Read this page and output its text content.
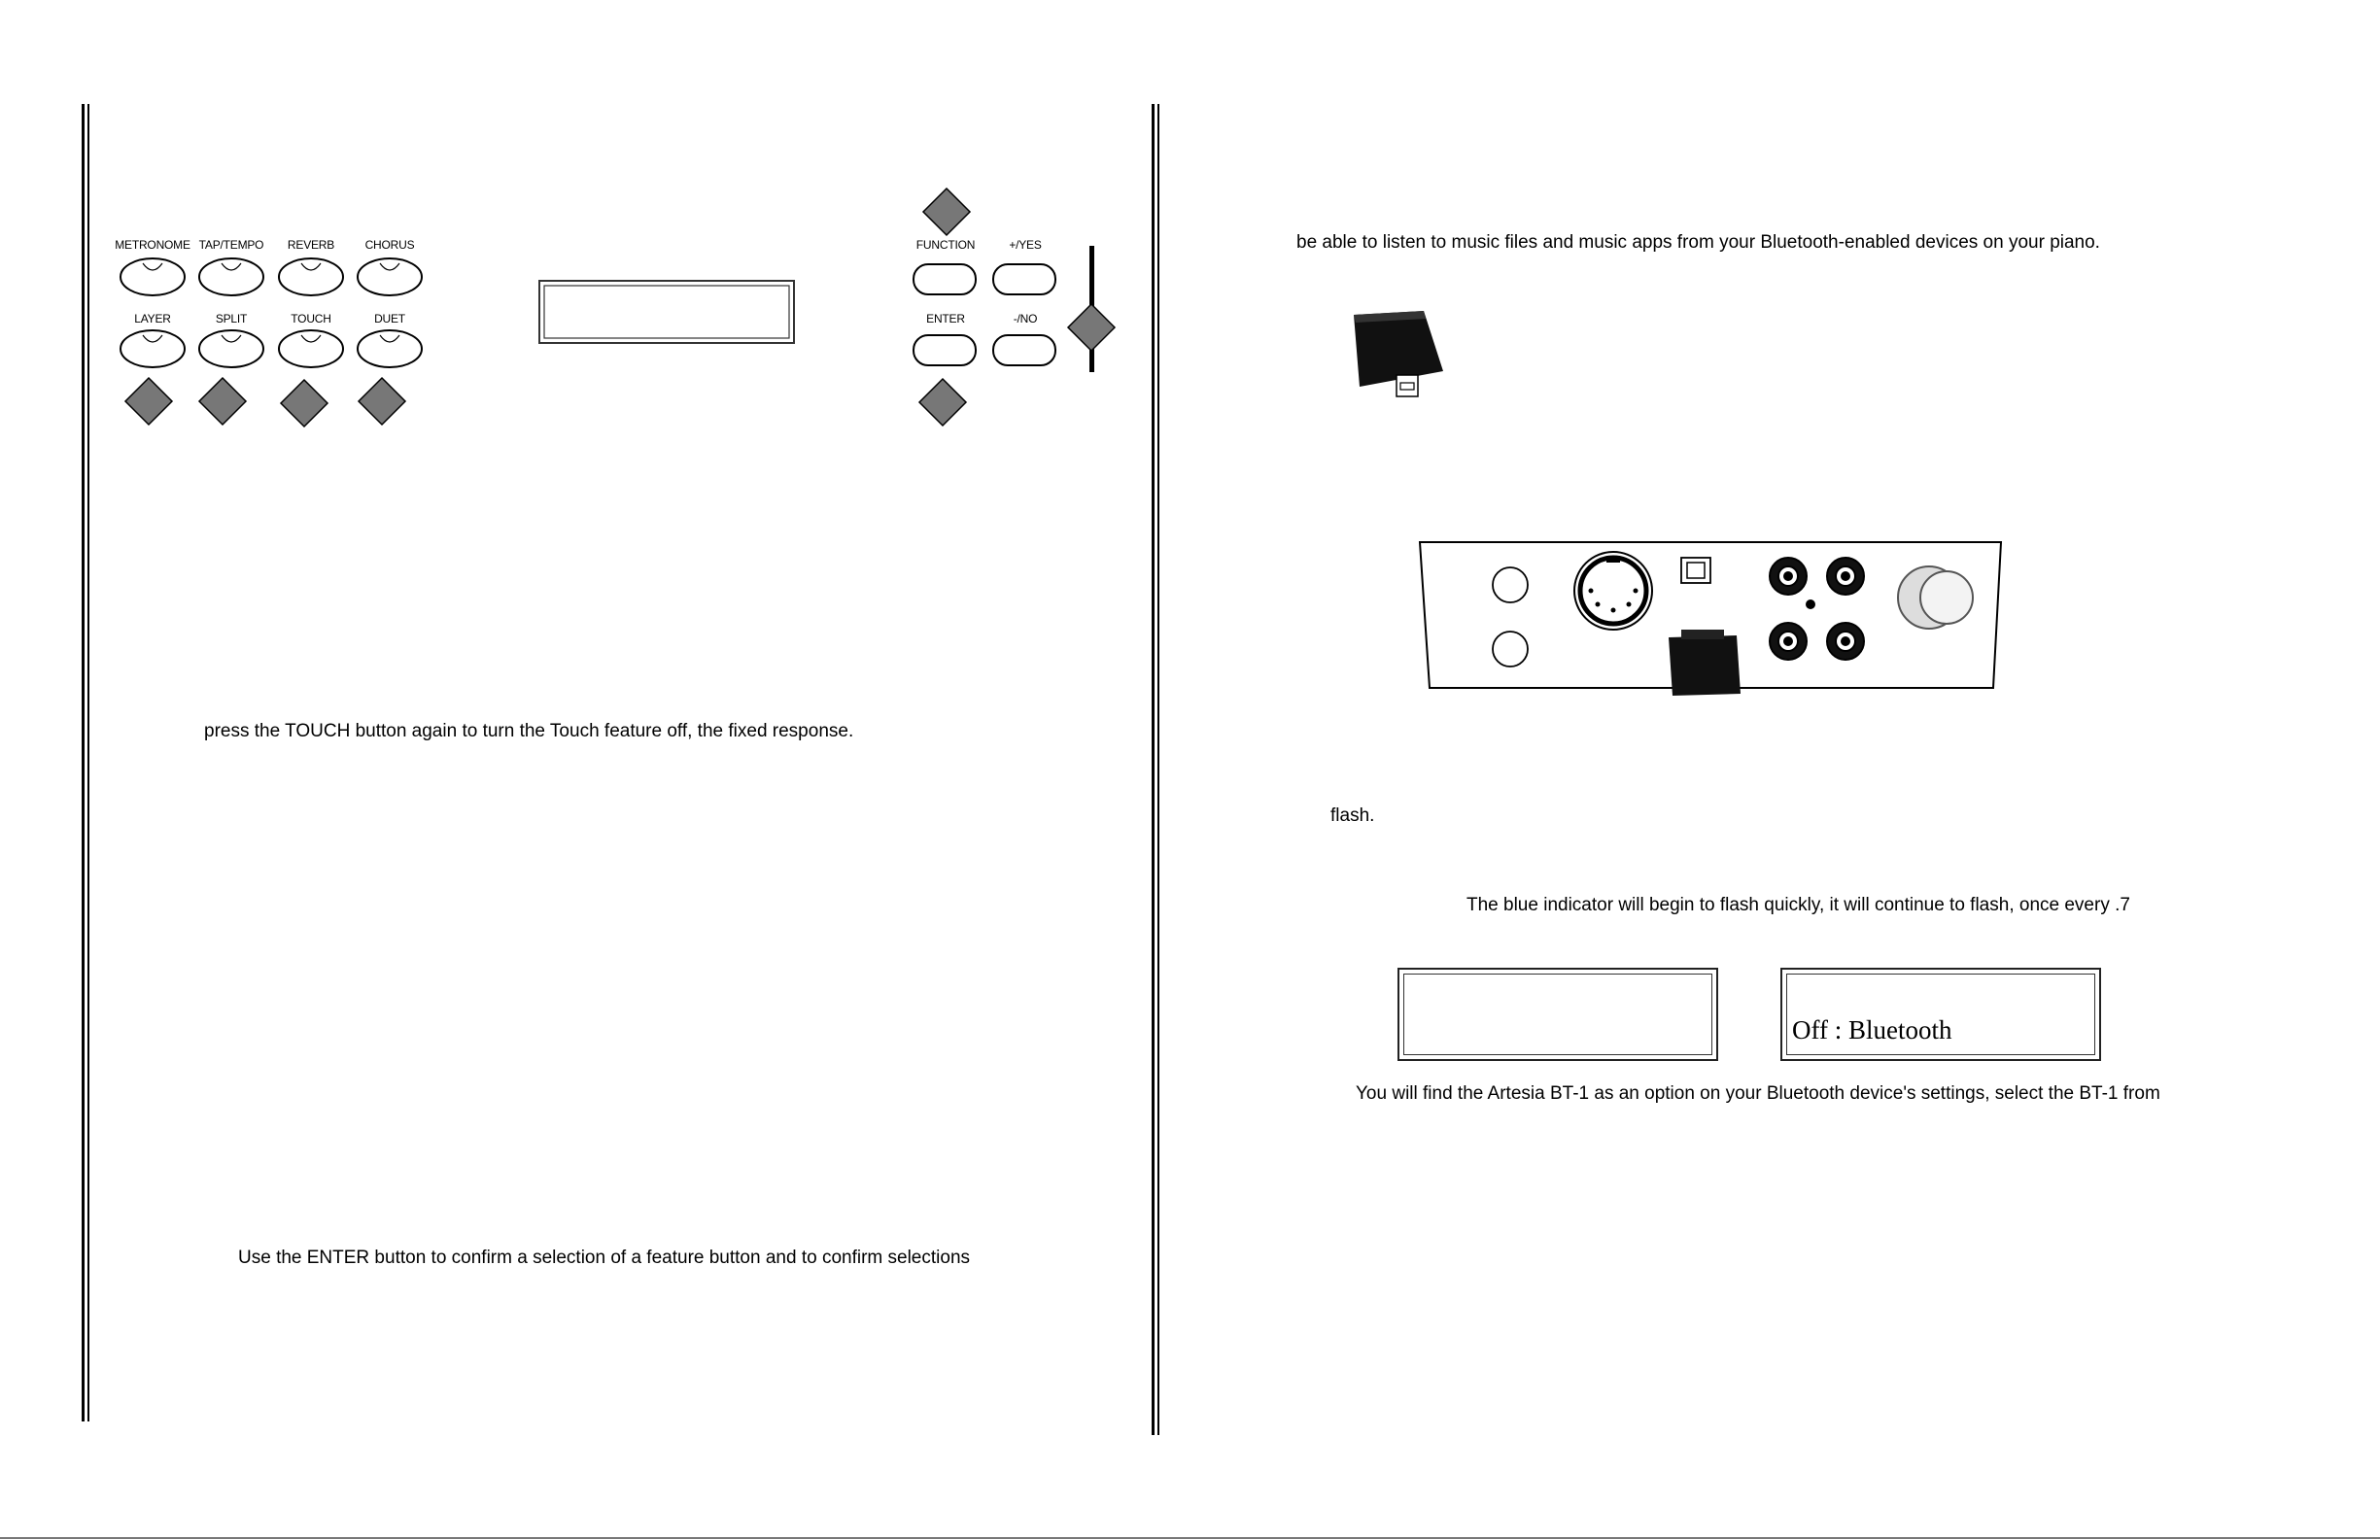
METRONOME TAP/TEMPO	REVERB	CHORUS
LAYER	SPLIT	TOUCH	DUET
FUNCTION	+/YES
ENTER	-/NO
press the TOUCH button again to turn the Touch feature off, the fixed response.
Use the ENTER button to confirm a selection of a feature button and to confirm selections
be able to listen to music files and music apps from your Bluetooth-enabled devices on your piano.
flash.
The blue indicator will begin to flash quickly, it will continue to flash, once every .7
Off : Bluetooth
You will find the Artesia BT-1 as an option on your Bluetooth device's settings, select the BT-1 from
